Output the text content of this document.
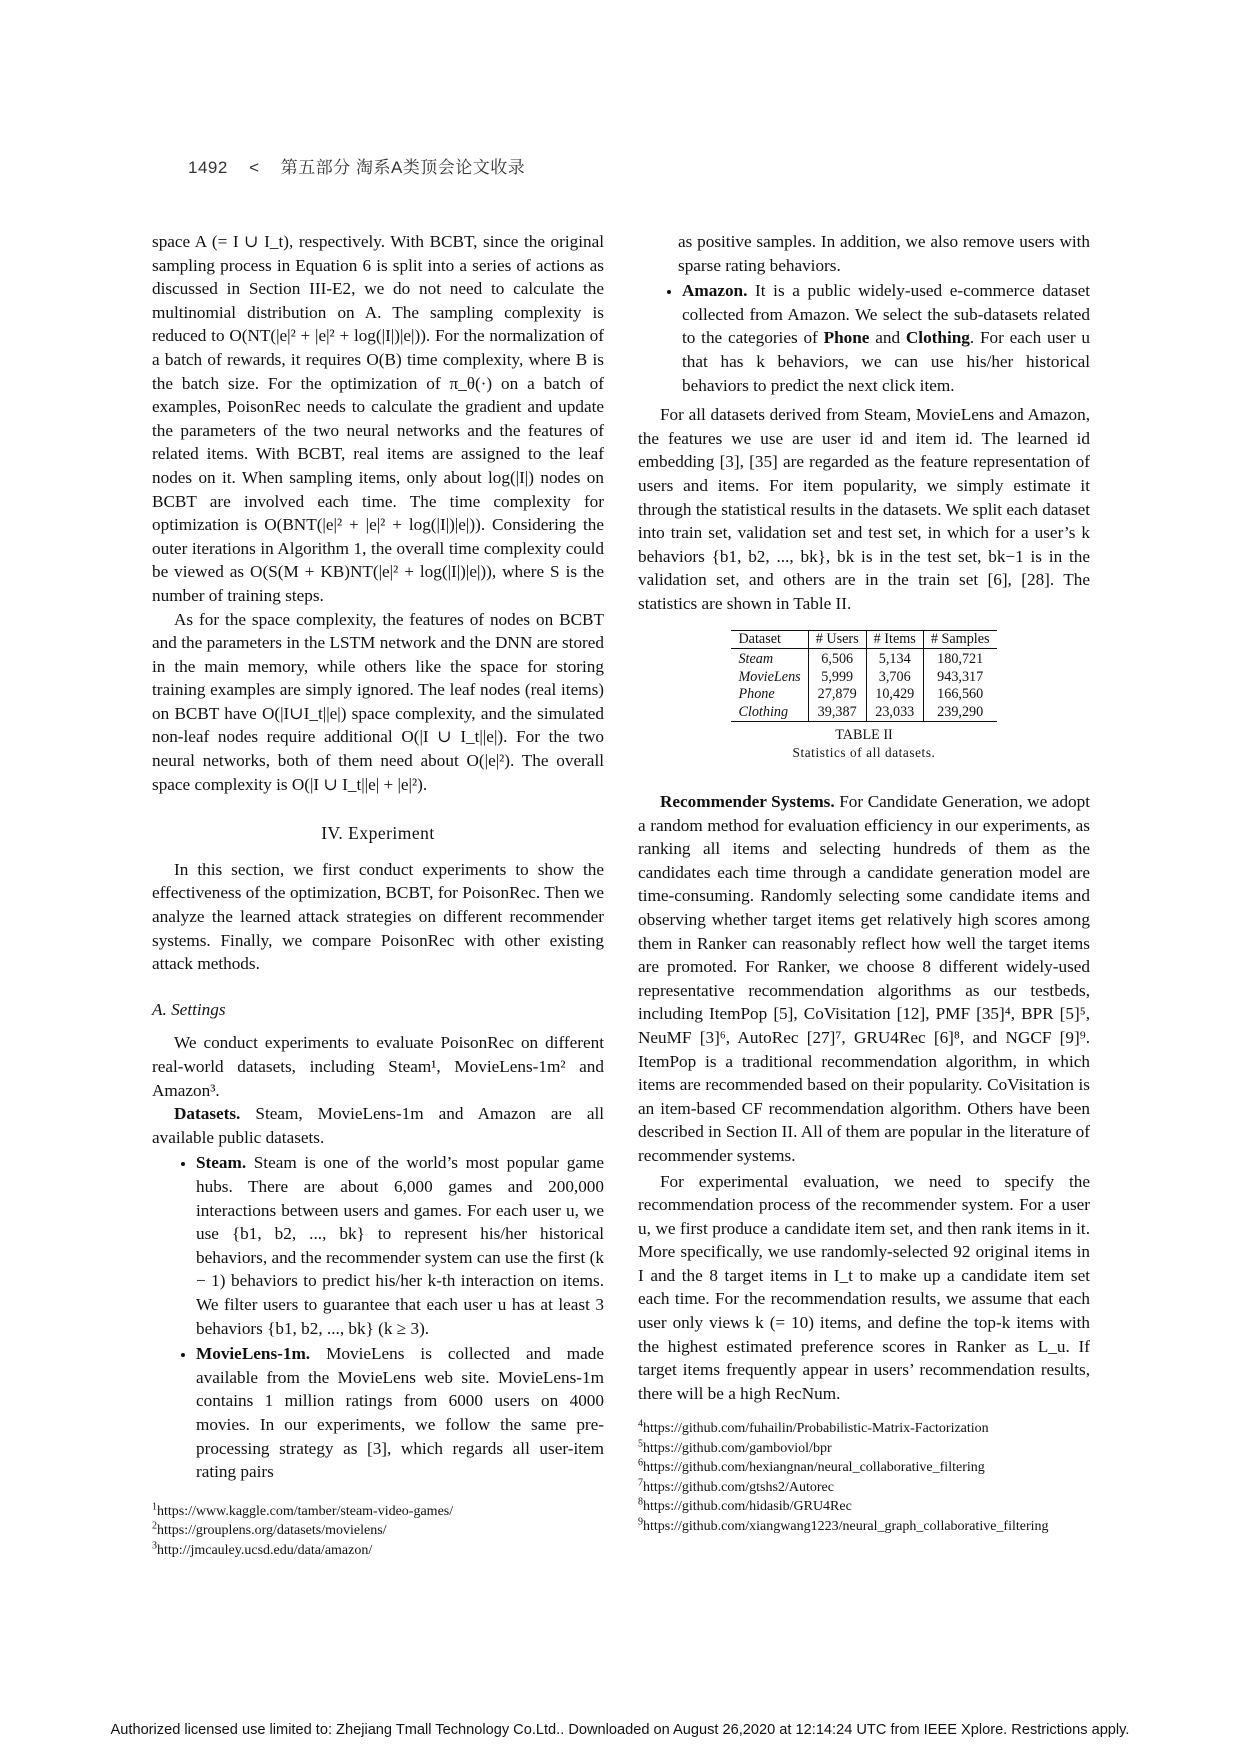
1492 < 第五部分 淘系A类顶会论文收录

space A (= I ∪ I_t), respectively. With BCBT, since the original sampling process in Equation 6 is split into a series of actions as discussed in Section III-E2, we do not need to calculate the multinomial distribution on A. The sampling complexity is reduced to O(NT(|e|² + |e|² + log(|I|)|e|)). For the normalization of a batch of rewards, it requires O(B) time complexity, where B is the batch size. For the optimization of π_θ(·) on a batch of examples, PoisonRec needs to calculate the gradient and update the parameters of the two neural networks and the features of related items. With BCBT, real items are assigned to the leaf nodes on it. When sampling items, only about log(|I|) nodes on BCBT are involved each time. The time complexity for optimization is O(BNT(|e|² + |e|² + log(|I|)|e|)). Considering the outer iterations in Algorithm 1, the overall time complexity could be viewed as O(S(M + KB)NT(|e|² + log(|I|)|e|)), where S is the number of training steps.

As for the space complexity, the features of nodes on BCBT and the parameters in the LSTM network and the DNN are stored in the main memory, while others like the space for storing training examples are simply ignored. The leaf nodes (real items) on BCBT have O(|I∪I_t||e|) space complexity, and the simulated non-leaf nodes require additional O(|I ∪ I_t||e|). For the two neural networks, both of them need about O(|e|²). The overall space complexity is O(|I ∪ I_t||e| + |e|²).

IV. Experiment

In this section, we first conduct experiments to show the effectiveness of the optimization, BCBT, for PoisonRec. Then we analyze the learned attack strategies on different recommender systems. Finally, we compare PoisonRec with other existing attack methods.

A. Settings

We conduct experiments to evaluate PoisonRec on different real-world datasets, including Steam¹, MovieLens-1m² and Amazon³.

Datasets. Steam, MovieLens-1m and Amazon are all available public datasets.

• Steam. Steam is one of the world’s most popular game hubs. There are about 6,000 games and 200,000 interactions between users and games. For each user u, we use {b1, b2, ..., bk} to represent his/her historical behaviors, and the recommender system can use the first (k − 1) behaviors to predict his/her k-th interaction on items. We filter users to guarantee that each user u has at least 3 behaviors {b1, b2, ..., bk} (k ≥ 3).
• MovieLens-1m. MovieLens is collected and made available from the MovieLens web site. MovieLens-1m contains 1 million ratings from 6000 users on 4000 movies. In our experiments, we follow the same pre-processing strategy as [3], which regards all user-item rating pairs
$^1$https://www.kaggle.com/tamber/steam-video-games/
$^2$https://grouplens.org/datasets/movielens/
$^3$http://jmcauley.ucsd.edu/data/amazon/

as positive samples. In addition, we also remove users with sparse rating behaviors.

• Amazon. It is a public widely-used e-commerce dataset collected from Amazon. We select the sub-datasets related to the categories of Phone and Clothing. For each user u that has k behaviors, we can use his/her historical behaviors to predict the next click item.

For all datasets derived from Steam, MovieLens and Amazon, the features we use are user id and item id. The learned id embedding [3], [35] are regarded as the feature representation of users and items. For item popularity, we simply estimate it through the statistical results in the datasets. We split each dataset into train set, validation set and test set, in which for a user’s k behaviors {b1, b2, ..., bk}, bk is in the test set, bk−1 is in the validation set, and others are in the train set [6], [28]. The statistics are shown in Table II.

Dataset	# Users	# Items	# Samples
Steam	6,506	5,134	180,721
MovieLens	5,999	3,706	943,317
Phone	27,879	10,429	166,560
Clothing	39,387	23,033	239,290
TABLE II
Statistics of all datasets.

Recommender Systems. For Candidate Generation, we adopt a random method for evaluation efficiency in our experiments, as ranking all items and selecting hundreds of them as the candidates each time through a candidate generation model are time-consuming. Randomly selecting some candidate items and observing whether target items get relatively high scores among them in Ranker can reasonably reflect how well the target items are promoted. For Ranker, we choose 8 different widely-used representative recommendation algorithms as our testbeds, including ItemPop [5], CoVisitation [12], PMF [35]⁴, BPR [5]⁵, NeuMF [3]⁶, AutoRec [27]⁷, GRU4Rec [6]⁸, and NGCF [9]⁹. ItemPop is a traditional recommendation algorithm, in which items are recommended based on their popularity. CoVisitation is an item-based CF recommendation algorithm. Others have been described in Section II. All of them are popular in the literature of recommender systems.

For experimental evaluation, we need to specify the recommendation process of the recommender system. For a user u, we first produce a candidate item set, and then rank items in it. More specifically, we use randomly-selected 92 original items in I and the 8 target items in I_t to make up a candidate item set each time. For the recommendation results, we assume that each user only views k (= 10) items, and define the top-k items with the highest estimated preference scores in Ranker as L_u. If target items frequently appear in users’ recommendation results, there will be a high RecNum.

$^4$https://github.com/fuhailin/Probabilistic-Matrix-Factorization
$^5$https://github.com/gamboviol/bpr
$^6$https://github.com/hexiangnan/neural_collaborative_filtering
$^7$https://github.com/gtshs2/Autorec
$^8$https://github.com/hidasib/GRU4Rec
$^9$https://github.com/xiangwang1223/neural_graph_collaborative_filtering
Authorized licensed use limited to: Zhejiang Tmall Technology Co.Ltd.. Downloaded on August 26,2020 at 12:14:24 UTC from IEEE Xplore. Restrictions apply.
